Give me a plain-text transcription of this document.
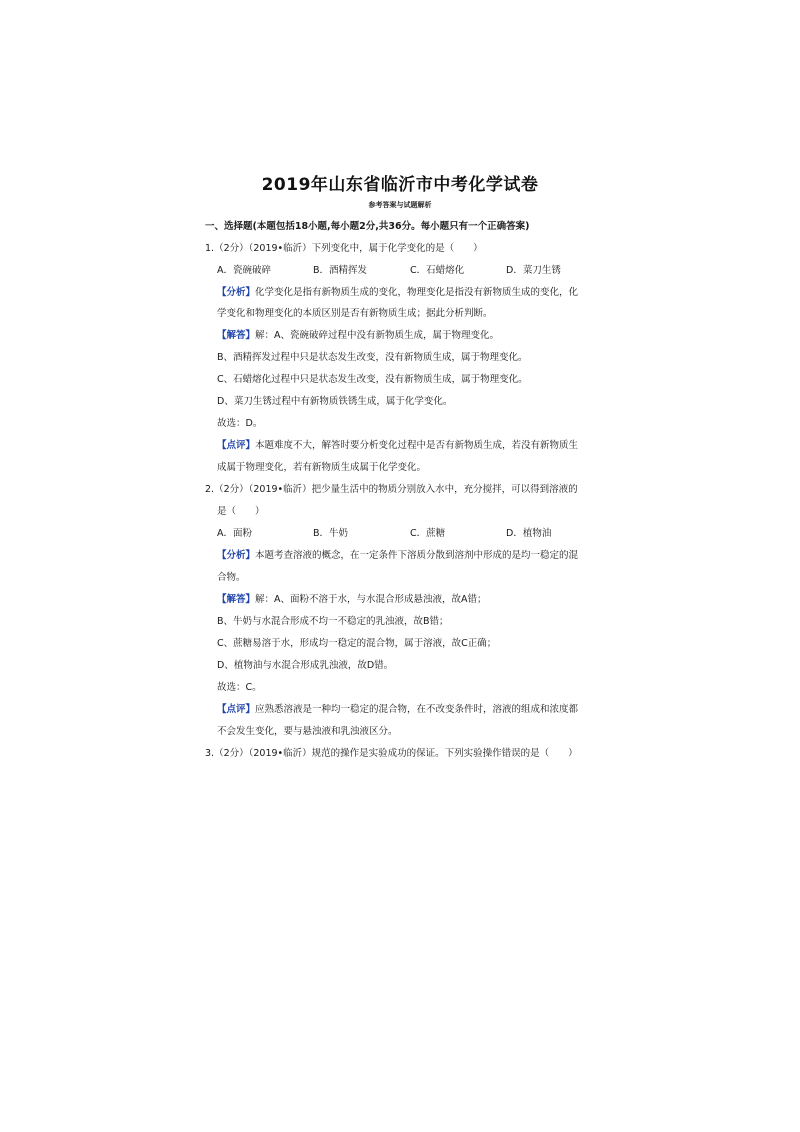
2019年山东省临沂市中考化学试卷
参考答案与试题解析
一、选择题(本题包括18小题,每小题2分,共36分。每小题只有一个正确答案)
1.（2分）（2019•临沂）下列变化中，属于化学变化的是（　　）
A．瓷碗破碎	B．酒精挥发	C．石蜡熔化	D．菜刀生锈
【分析】化学变化是指有新物质生成的变化，物理变化是指没有新物质生成的变化，化
学变化和物理变化的本质区别是否有新物质生成；据此分析判断。
【解答】解：A、瓷碗破碎过程中没有新物质生成，属于物理变化。
B、酒精挥发过程中只是状态发生改变，没有新物质生成，属于物理变化。
C、石蜡熔化过程中只是状态发生改变，没有新物质生成，属于物理变化。
D、菜刀生锈过程中有新物质铁锈生成，属于化学变化。
故选：D。
【点评】本题难度不大，解答时要分析变化过程中是否有新物质生成，若没有新物质生
成属于物理变化，若有新物质生成属于化学变化。
2.（2分）（2019•临沂）把少量生活中的物质分别放入水中，充分搅拌，可以得到溶液的
是（　　）
A．面粉	B．牛奶	C．蔗糖	D．植物油
【分析】本题考查溶液的概念，在一定条件下溶质分散到溶剂中形成的是均一稳定的混
合物。
【解答】解：A、面粉不溶于水，与水混合形成悬浊液，故A错；
B、牛奶与水混合形成不均一不稳定的乳浊液，故B错；
C、蔗糖易溶于水，形成均一稳定的混合物，属于溶液，故C正确；
D、植物油与水混合形成乳浊液，故D错。
故选：C。
【点评】应熟悉溶液是一种均一稳定的混合物，在不改变条件时，溶液的组成和浓度都
不会发生变化，要与悬浊液和乳浊液区分。
3.（2分）（2019•临沂）规范的操作是实验成功的保证。下列实验操作错误的是（　　）
